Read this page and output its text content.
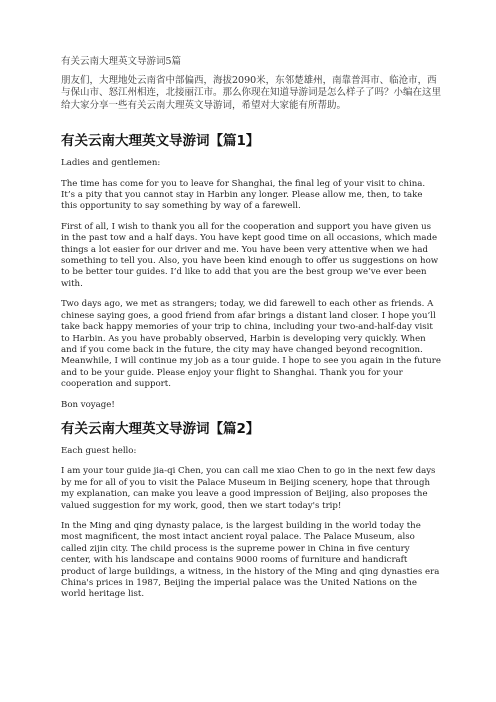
有关云南大理英文导游词5篇
朋友们，大理地处云南省中部偏西，海拔2090米，东邻楚雄州，南靠普洱市、临沧市，西与保山市、怒江州相连，北接丽江市。那么你现在知道导游词是怎么样子了吗？小编在这里给大家分享一些有关云南大理英文导游词，希望对大家能有所帮助。
有关云南大理英文导游词【篇1】
Ladies and gentlemen:
The time has come for you to leave for Shanghai, the final leg of your visit to china. It’s a pity that you cannot stay in Harbin any longer. Please allow me, then, to take this opportunity to say something by way of a farewell.
First of all, I wish to thank you all for the cooperation and support you have given us in the past tow and a half days. You have kept good time on all occasions, which made things a lot easier for our driver and me. You have been very attentive when we had something to tell you. Also, you have been kind enough to offer us suggestions on how to be better tour guides. I’d like to add that you are the best group we’ve ever been with.
Two days ago, we met as strangers; today, we did farewell to each other as friends. A chinese saying goes, a good friend from afar brings a distant land closer. I hope you’ll take back happy memories of your trip to china, including your two-and-half-day visit to Harbin. As you have probably observed, Harbin is developing very quickly. When and if you come back in the future, the city may have changed beyond recognition. Meanwhile, I will continue my job as a tour guide. I hope to see you again in the future and to be your guide. Please enjoy your flight to Shanghai. Thank you for your cooperation and support.
Bon voyage!
有关云南大理英文导游词【篇2】
Each guest hello:
I am your tour guide jia-qi Chen, you can call me xiao Chen to go in the next few days by me for all of you to visit the Palace Museum in Beijing scenery, hope that through my explanation, can make you leave a good impression of Beijing, also proposes the valued suggestion for my work, good, then we start today's trip!
In the Ming and qing dynasty palace, is the largest building in the world today the most magnificent, the most intact ancient royal palace. The Palace Museum, also called zijin city. The child process is the supreme power in China in five century center, with his landscape and contains 9000 rooms of furniture and handicraft product of large buildings, a witness, in the history of the Ming and qing dynasties era China's prices in 1987, Beijing the imperial palace was the United Nations on the world heritage list.
